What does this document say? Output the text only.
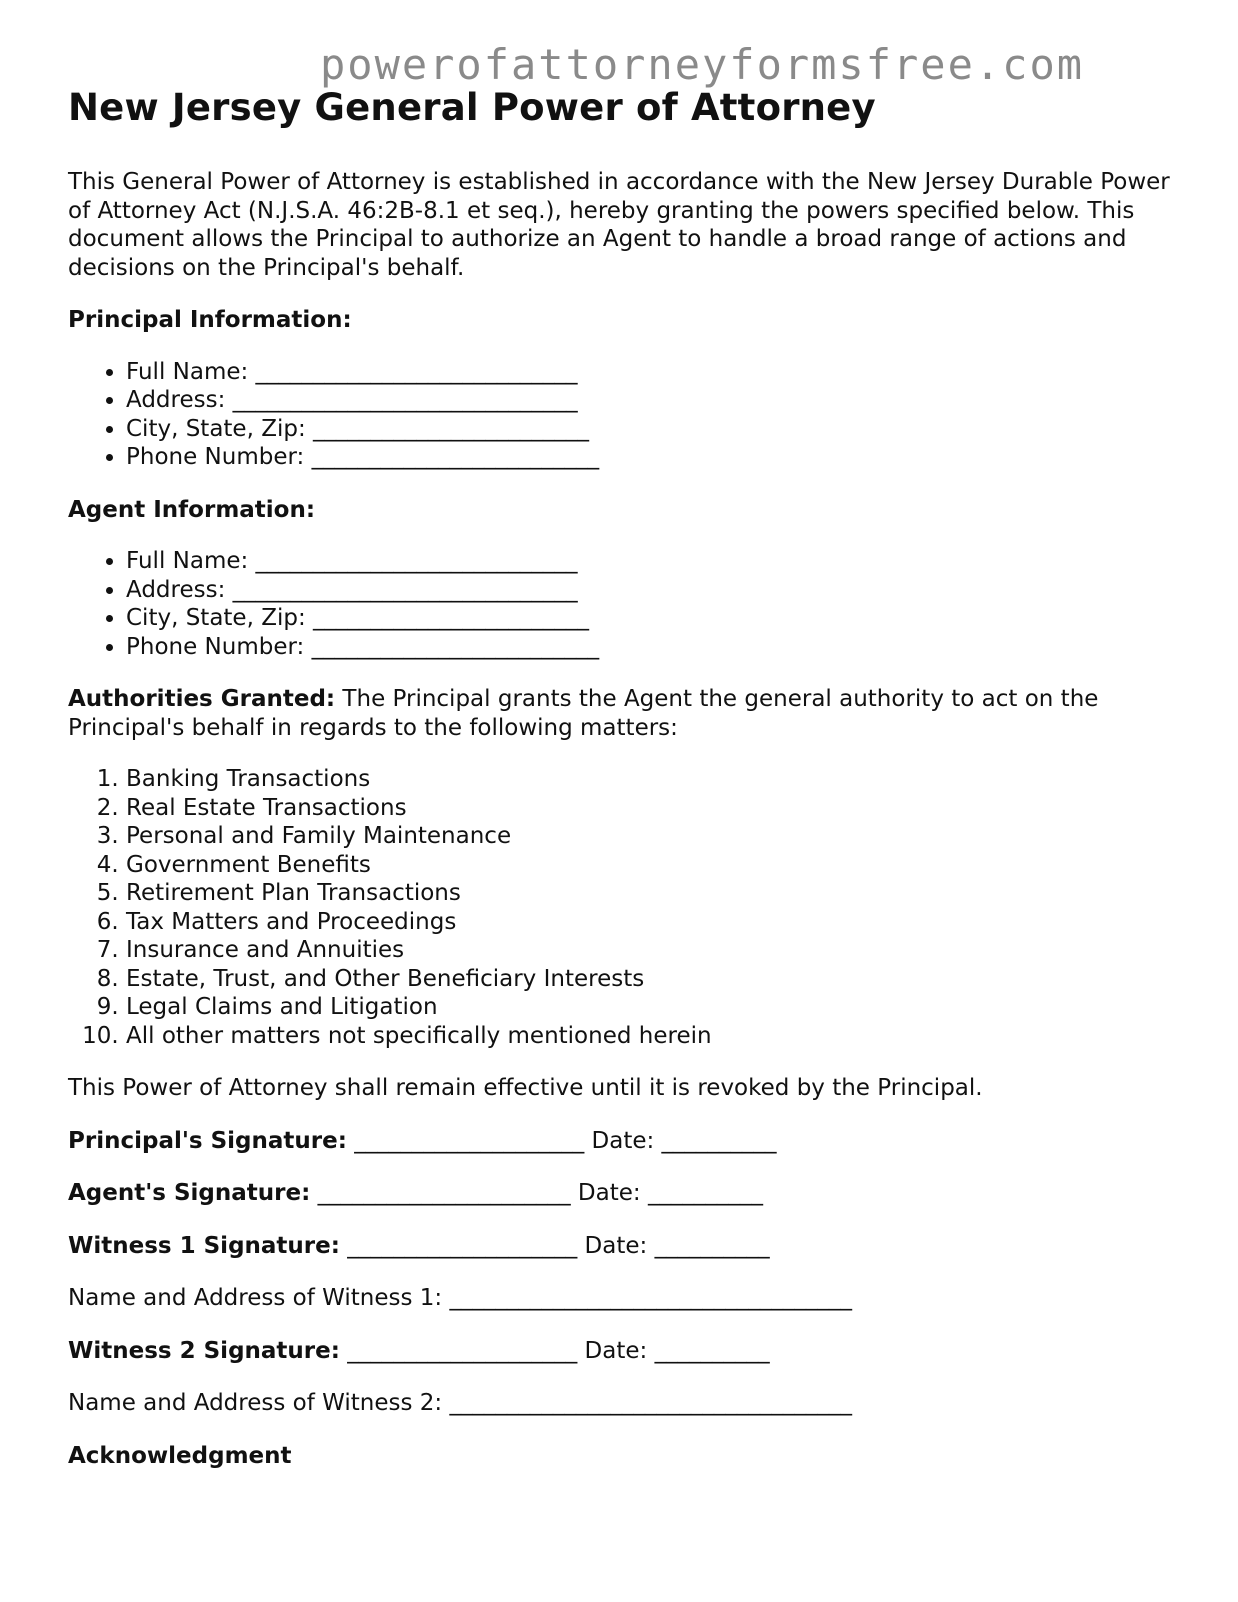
powerofattorneyformsfree.com
New Jersey General Power of Attorney

This General Power of Attorney is established in accordance with the New Jersey Durable Power of Attorney Act (N.J.S.A. 46:2B-8.1 et seq.), hereby granting the powers specified below. This document allows the Principal to authorize an Agent to handle a broad range of actions and decisions on the Principal's behalf.

Principal Information:

• Full Name: ____________________________
• Address: ______________________________
• City, State, Zip: ________________________
• Phone Number: _________________________

Agent Information:

• Full Name: ____________________________
• Address: ______________________________
• City, State, Zip: ________________________
• Phone Number: _________________________

Authorities Granted: The Principal grants the Agent the general authority to act on the Principal's behalf in regards to the following matters:

1. Banking Transactions
2. Real Estate Transactions
3. Personal and Family Maintenance
4. Government Benefits
5. Retirement Plan Transactions
6. Tax Matters and Proceedings
7. Insurance and Annuities
8. Estate, Trust, and Other Beneficiary Interests
9. Legal Claims and Litigation
10. All other matters not specifically mentioned herein

This Power of Attorney shall remain effective until it is revoked by the Principal.

Principal's Signature: ____________________ Date: __________

Agent's Signature: ______________________ Date: __________

Witness 1 Signature: ____________________ Date: __________

Name and Address of Witness 1: ___________________________________

Witness 2 Signature: ____________________ Date: __________

Name and Address of Witness 2: ___________________________________

Acknowledgment
